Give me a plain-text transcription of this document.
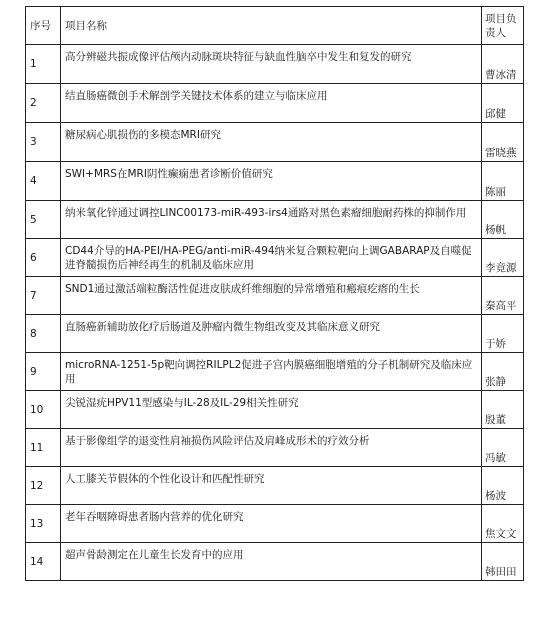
序号	项目名称	项目负责人
1	高分辨磁共振成像评估颅内动脉斑块特征与缺血性脑卒中发生和复发的研究	曹冰清

2	结直肠癌微创手术解剖学关键技术体系的建立与临床应用	邱健

3	糖尿病心肌损伤的多模态MRI研究	雷晓燕

4	SWI+MRS在MRI阴性癫痫患者诊断价值研究	陈丽

5	纳米氧化锌通过调控LINC00173-miR-493-irs4通路对黑色素瘤细胞耐药株的抑制作用	杨帆

6	CD44介导的HA-PEI/HA-PEG/anti-miR-494纳米复合颗粒靶向上调GABARAP及自噬促进脊髓损伤后神经再生的机制及临床应用	李竟源

7	SND1通过激活端粒酶活性促进皮肤成纤维细胞的异常增殖和瘢痕疙瘩的生长	秦高平

8	直肠癌新辅助放化疗后肠道及肿瘤内微生物组改变及其临床意义研究	于娇

9	microRNA-1251-5p靶向调控RILPL2促进子宫内膜癌细胞增殖的分子机制研究及临床应用	张静

10	尖锐湿疣HPV11型感染与IL-28及IL-29相关性研究	殷董

11	基于影像组学的退变性肩袖损伤风险评估及肩峰成形术的疗效分析	冯敏

12	人工膝关节假体的个性化设计和匹配性研究	杨波

13	老年吞咽障碍患者肠内营养的优化研究	焦文文

14	超声骨龄测定在儿童生长发育中的应用	韩田田
